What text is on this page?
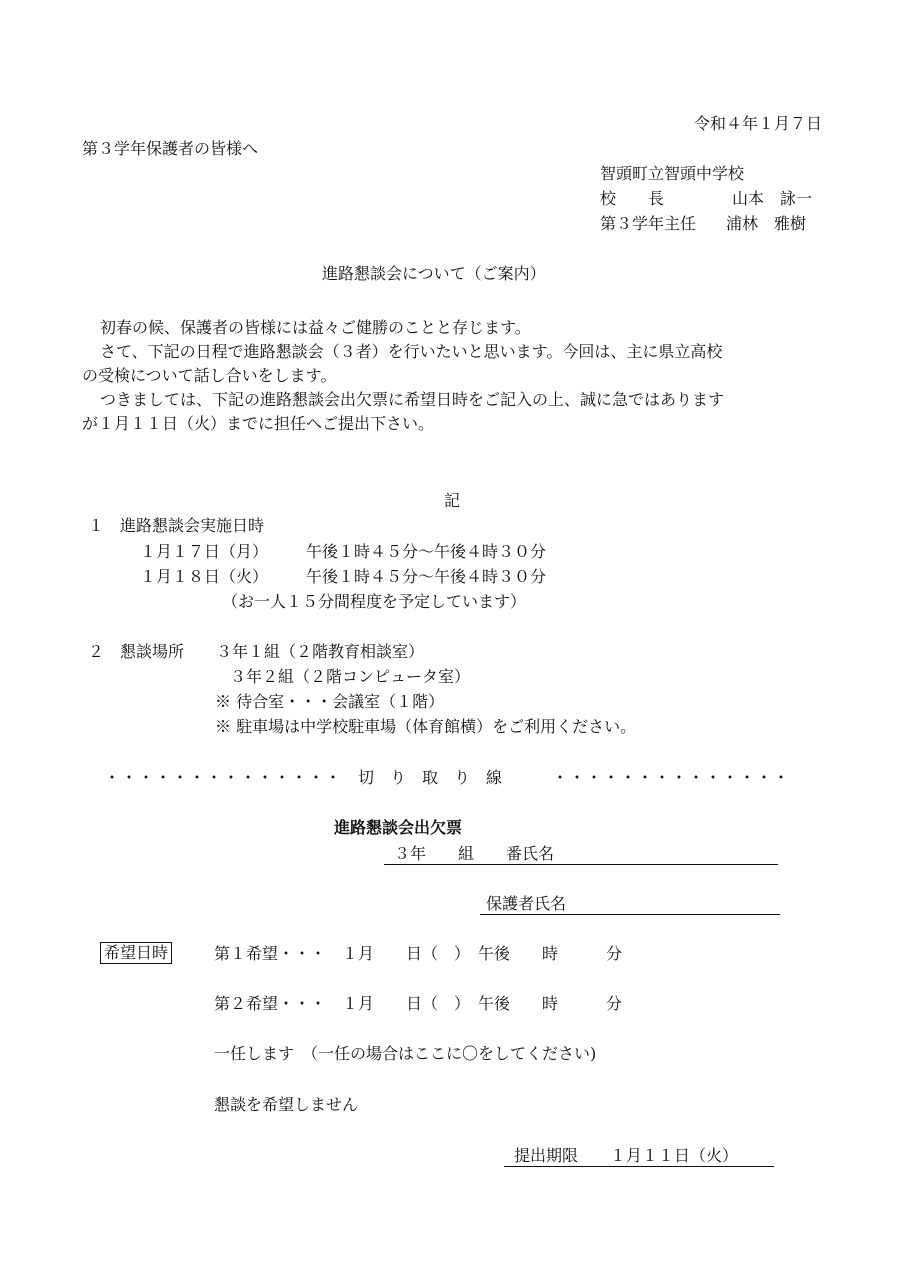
令和４年１月７日
第３学年保護者の皆様へ
智頭町立智頭中学校
校　　長	山本　詠一
第３学年主任 浦林　雅樹
進路懇談会について（ご案内）
初春の候、保護者の皆様には益々ご健勝のことと存じます。
さて、下記の日程で進路懇談会（３者）を行いたいと思います。今回は、主に県立高校
の受検について話し合いをします。
つきましては、下記の進路懇談会出欠票に希望日時をご記入の上、誠に急ではあります
が１月１１日（火）までに担任へご提出下さい。
記
１　進路懇談会実施日時
１月１７日（月） 午後１時４５分～午後４時３０分
１月１８日（火） 午後１時４５分～午後４時３０分
（お一人１５分間程度を予定しています）
２　懇談場所 ３年１組（２階教育相談室）
３年２組（２階コンピュータ室）
※ 待合室・・・会議室（１階）
※ 駐車場は中学校駐車場（体育館横）をご利用ください。
・・・・・・・・・・・・・・ 切　り　取　り　線	・・・・・・・・・・・・・・
進路懇談会出欠票
３年　　組　　番氏名
保護者氏名
希望日時	第１希望・・・　１月　　日（　）　午後　　時　　　分
第２希望・・・　１月　　日（　）　午後　　時　　　分
一任します　（一任の場合はここに〇をしてください)
懇談を希望しません
提出期限　　１月１１日（火）
